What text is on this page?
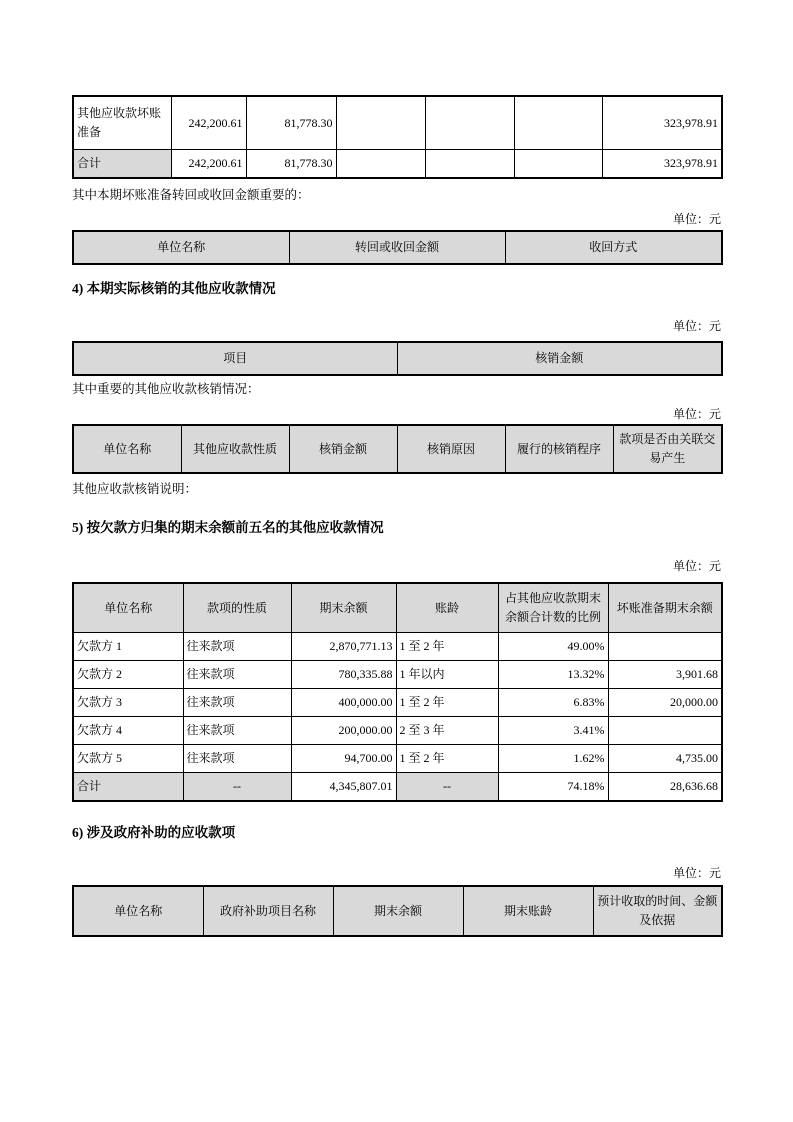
其他应收款坏账准备	242,200.61	81,778.30				323,978.91
合计	242,200.61	81,778.30				323,978.91

其中本期坏账准备转回或收回金额重要的：

单位：元

单位名称	转回或收回金额	收回方式
4) 本期实际核销的其他应收款情况

单位：元

项目	核销金额

其中重要的其他应收款核销情况：

单位：元

单位名称	其他应收款性质	核销金额	核销原因	履行的核销程序	款项是否由关联交易产生

其他应收款核销说明：

5) 按欠款方归集的期末余额前五名的其他应收款情况

单位：元

单位名称	款项的性质	期末余额	账龄	占其他应收款期末余额合计数的比例	坏账准备期末余额
欠款方 1	往来款项	2,870,771.13	1 至 2 年	49.00%	
欠款方 2	往来款项	780,335.88	1 年以内	13.32%	3,901.68
欠款方 3	往来款项	400,000.00	1 至 2 年	6.83%	20,000.00
欠款方 4	往来款项	200,000.00	2 至 3 年	3.41%	
欠款方 5	往来款项	94,700.00	1 至 2 年	1.62%	4,735.00
合计	--	4,345,807.01	--	74.18%	28,636.68
6) 涉及政府补助的应收款项

单位：元

单位名称	政府补助项目名称	期末余额	期末账龄	预计收取的时间、金额及依据
